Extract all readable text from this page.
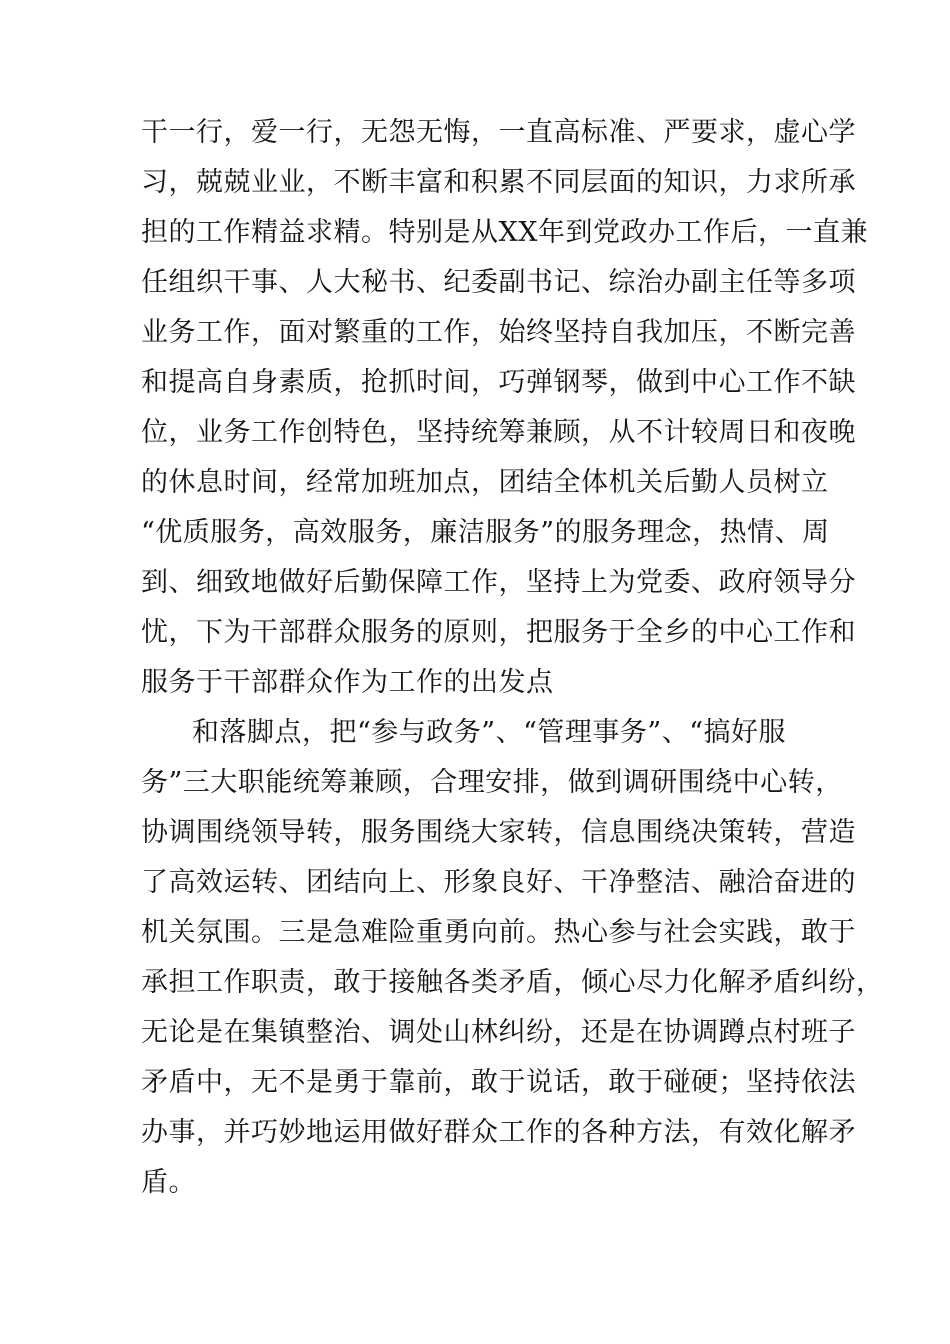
干一行，爱一行，无怨无悔，一直高标准、严要求，虚心学
习，兢兢业业，不断丰富和积累不同层面的知识，力求所承
担的工作精益求精。特别是从XX年到党政办工作后，一直兼
任组织干事、人大秘书、纪委副书记、综治办副主任等多项
业务工作，面对繁重的工作，始终坚持自我加压，不断完善
和提高自身素质，抢抓时间，巧弹钢琴，做到中心工作不缺
位，业务工作创特色，坚持统筹兼顾，从不计较周日和夜晚
的休息时间，经常加班加点，团结全体机关后勤人员树立
“优质服务，高效服务，廉洁服务”的服务理念，热情、周
到、细致地做好后勤保障工作，坚持上为党委、政府领导分
忧，下为干部群众服务的原则，把服务于全乡的中心工作和
服务于干部群众作为工作的出发点
和落脚点，把“参与政务”、“管理事务”、“搞好服
务”三大职能统筹兼顾，合理安排，做到调研围绕中心转，
协调围绕领导转，服务围绕大家转，信息围绕决策转，营造
了高效运转、团结向上、形象良好、干净整洁、融洽奋进的
机关氛围。三是急难险重勇向前。热心参与社会实践，敢于
承担工作职责，敢于接触各类矛盾，倾心尽力化解矛盾纠纷，
无论是在集镇整治、调处山林纠纷，还是在协调蹲点村班子
矛盾中，无不是勇于靠前，敢于说话，敢于碰硬；坚持依法
办事，并巧妙地运用做好群众工作的各种方法，有效化解矛
盾。
